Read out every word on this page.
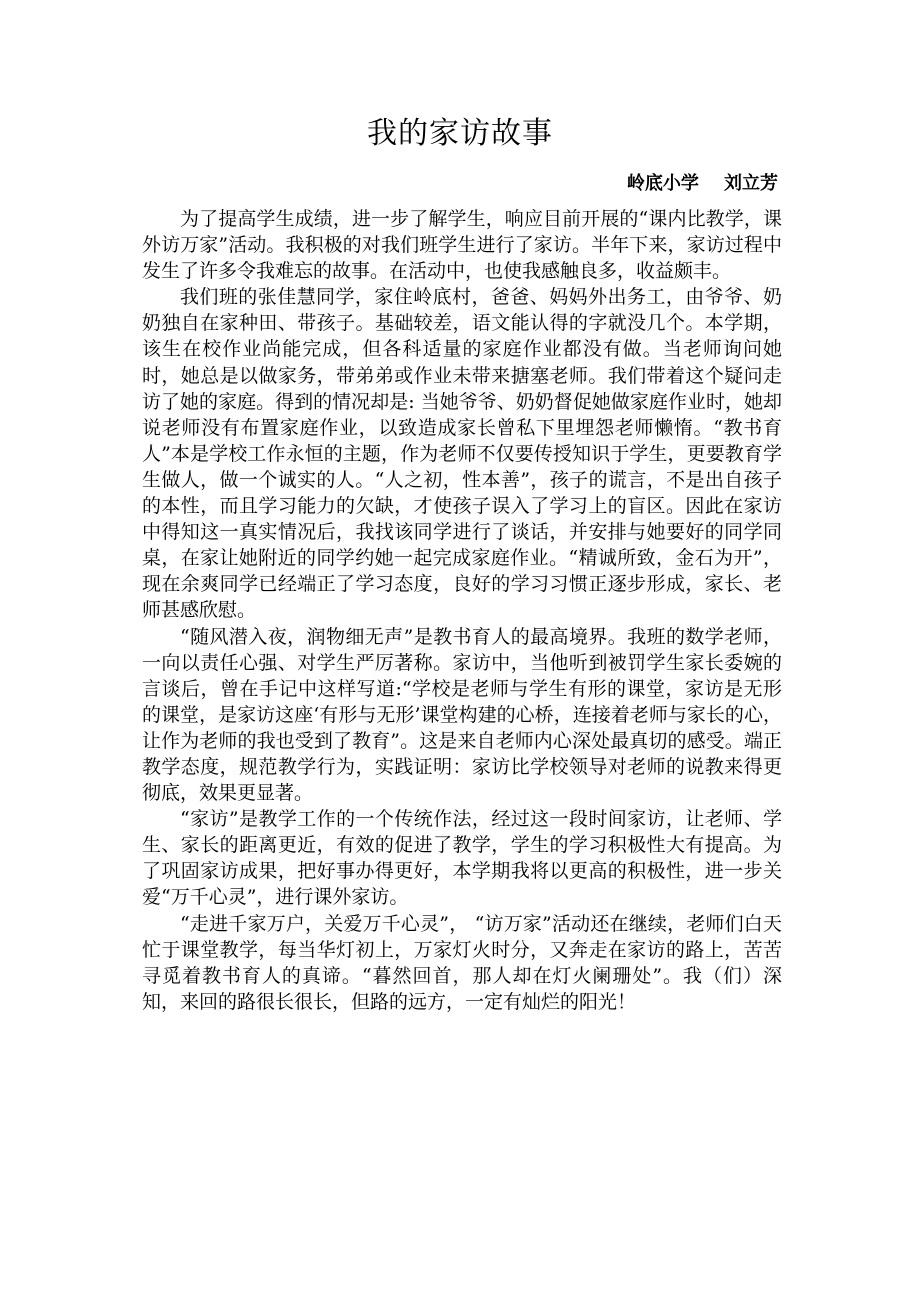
我的家访故事
岭底小学    刘立芳

为了提高学生成绩，进一步了解学生，响应目前开展的“课内比教学，课外访万家”活动。我积极的对我们班学生进行了家访。半年下来，家访过程中发生了许多令我难忘的故事。在活动中，也使我感触良多，收益颇丰。

我们班的张佳慧同学，家住岭底村，爸爸、妈妈外出务工，由爷爷、奶奶独自在家种田、带孩子。基础较差，语文能认得的字就没几个。本学期，该生在校作业尚能完成，但各科适量的家庭作业都没有做。当老师询问她时，她总是以做家务，带弟弟或作业未带来搪塞老师。我们带着这个疑问走访了她的家庭。得到的情况却是: 当她爷爷、奶奶督促她做家庭作业时，她却说老师没有布置家庭作业，以致造成家长曾私下里埋怨老师懒惰。“教书育人”本是学校工作永恒的主题，作为老师不仅要传授知识于学生，更要教育学生做人，做一个诚实的人。“人之初，性本善”，孩子的谎言，不是出自孩子的本性，而且学习能力的欠缺，才使孩子误入了学习上的盲区。因此在家访中得知这一真实情况后，我找该同学进行了谈话，并安排与她要好的同学同桌，在家让她附近的同学约她一起完成家庭作业。“精诚所致，金石为开”，现在余爽同学已经端正了学习态度，良好的学习习惯正逐步形成，家长、老师甚感欣慰。

“随风潜入夜，润物细无声”是教书育人的最高境界。我班的数学老师，一向以责任心强、对学生严厉著称。家访中，当他听到被罚学生家长委婉的言谈后，曾在手记中这样写道:“学校是老师与学生有形的课堂，家访是无形的课堂，是家访这座‘有形与无形’课堂构建的心桥，连接着老师与家长的心，让作为老师的我也受到了教育”。这是来自老师内心深处最真切的感受。端正教学态度，规范教学行为，实践证明：家访比学校领导对老师的说教来得更彻底，效果更显著。

“家访”是教学工作的一个传统作法，经过这一段时间家访，让老师、学生、家长的距离更近，有效的促进了教学，学生的学习积极性大有提高。为了巩固家访成果，把好事办得更好，本学期我将以更高的积极性，进一步关爱“万千心灵”，进行课外家访。

“走进千家万户，关爱万千心灵”， “访万家”活动还在继续，老师们白天忙于课堂教学，每当华灯初上，万家灯火时分，又奔走在家访的路上，苦苦寻觅着教书育人的真谛。“暮然回首，那人却在灯火阑珊处”。我（们）深知，来回的路很长很长，但路的远方，一定有灿烂的阳光！
